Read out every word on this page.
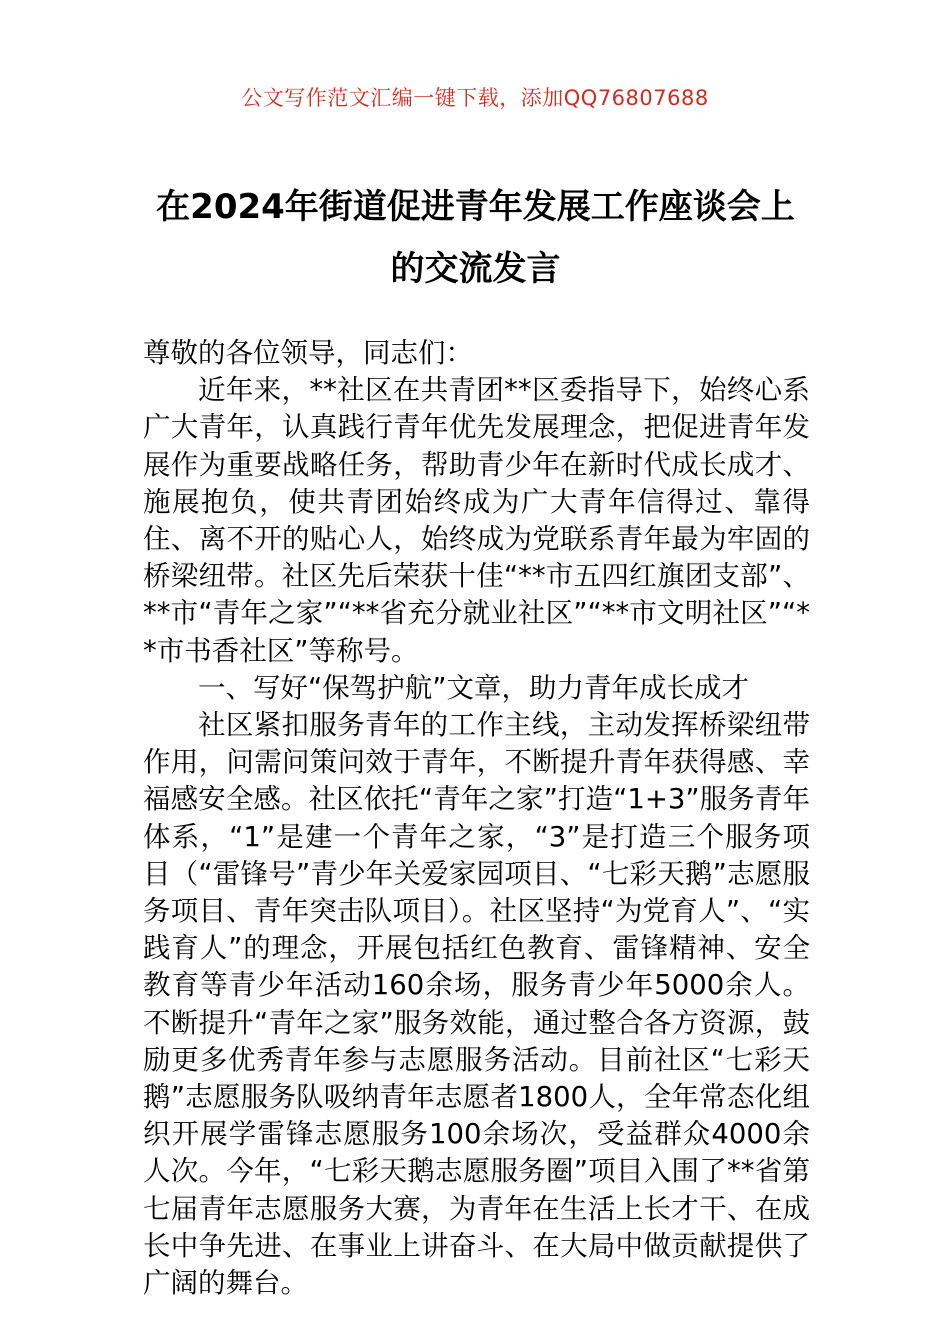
公文写作范文汇编一键下载，添加QQ76807688
在2024年街道促进青年发展工作座谈会上
的交流发言

尊敬的各位领导，同志们：

近年来，**社区在共青团**区委指导下，始终心系广大青年，认真践行青年优先发展理念，把促进青年发展作为重要战略任务，帮助青少年在新时代成长成才、施展抱负，使共青团始终成为广大青年信得过、靠得住、离不开的贴心人，始终成为党联系青年最为牢固的桥梁纽带。社区先后荣获十佳“**市五四红旗团支部”、**市“青年之家”“**省充分就业社区”“**市文明社区”“**市书香社区”等称号。

一、写好“保驾护航”文章，助力青年成长成才

社区紧扣服务青年的工作主线，主动发挥桥梁纽带作用，问需问策问效于青年，不断提升青年获得感、幸福感安全感。社区依托“青年之家”打造“1+3”服务青年体系，“1”是建一个青年之家，“3”是打造三个服务项目（“雷锋号”青少年关爱家园项目、“七彩天鹅”志愿服务项目、青年突击队项目）。社区坚持“为党育人”、“实践育人”的理念，开展包括红色教育、雷锋精神、安全教育等青少年活动160余场，服务青少年5000余人。不断提升“青年之家”服务效能，通过整合各方资源，鼓励更多优秀青年参与志愿服务活动。目前社区“七彩天鹅”志愿服务队吸纳青年志愿者1800人，全年常态化组织开展学雷锋志愿服务100余场次，受益群众4000余人次。今年，“七彩天鹅志愿服务圈”项目入围了**省第七届青年志愿服务大赛，为青年在生活上长才干、在成长中争先进、在事业上讲奋斗、在大局中做贡献提供了广阔的舞台。
